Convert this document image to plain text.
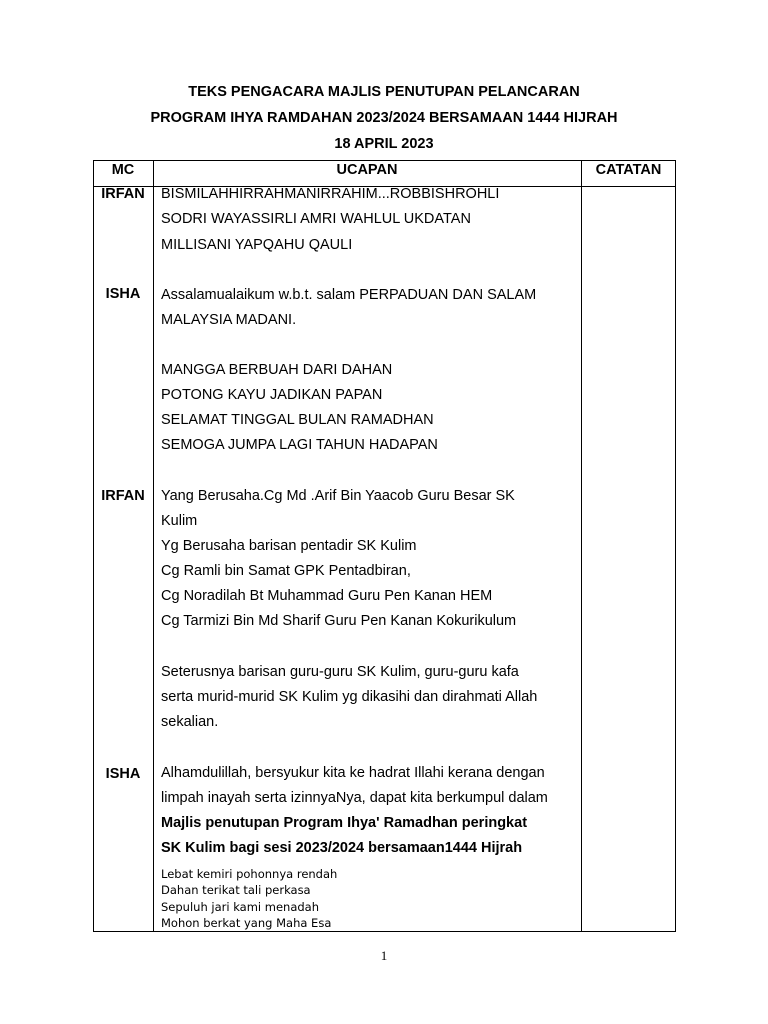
TEKS PENGACARA MAJLIS PENUTUPAN PELANCARAN
PROGRAM IHYA RAMDAHAN 2023/2024 BERSAMAAN 1444 HIJRAH
18 APRIL 2023
MC	UCAPAN	CATATAN
IRFAN
ISHA
IRFAN
ISHA
BISMILAHHIRRAHMANIRRAHIM...ROBBISHROHLI
SODRI WAYASSIRLI AMRI WAHLUL UKDATAN
MILLISANI YAPQAHU QAULI
Assalamualaikum w.b.t. salam PERPADUAN DAN SALAM
MALAYSIA MADANI.
MANGGA BERBUAH DARI DAHAN
POTONG KAYU JADIKAN PAPAN
SELAMAT TINGGAL BULAN RAMADHAN
SEMOGA JUMPA LAGI TAHUN HADAPAN
Yang Berusaha.Cg Md .Arif Bin Yaacob Guru Besar SK
Kulim
Yg Berusaha barisan pentadir SK Kulim
Cg Ramli bin Samat GPK Pentadbiran,
Cg Noradilah Bt Muhammad Guru Pen Kanan HEM
Cg Tarmizi Bin Md Sharif Guru Pen Kanan Kokurikulum
Seterusnya barisan guru-guru SK Kulim, guru-guru kafa
serta murid-murid SK Kulim yg dikasihi dan dirahmati Allah
sekalian.
Alhamdulillah, bersyukur kita ke hadrat Illahi kerana dengan
limpah inayah serta izinnyaNya, dapat kita berkumpul dalam
Majlis penutupan Program Ihya' Ramadhan peringkat
SK Kulim bagi sesi 2023/2024 bersamaan1444 Hijrah
Lebat kemiri pohonnya rendah
Dahan terikat tali perkasa
Sepuluh jari kami menadah
Mohon berkat yang Maha Esa
1
